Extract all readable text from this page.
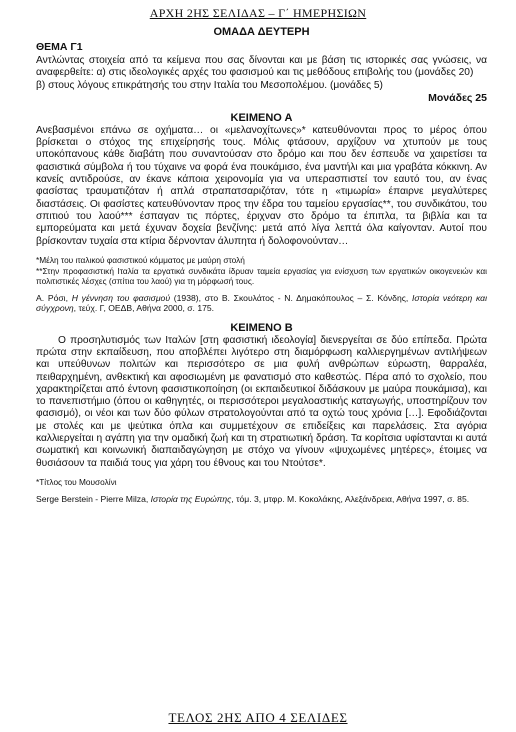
ΑΡΧΗ 2ΗΣ ΣΕΛΙΔΑΣ – Γ΄ ΗΜΕΡΗΣΙΩΝ

ΟΜΑΔΑ ΔΕΥΤΕΡΗ

ΘΕΜΑ Γ1

Αντλώντας στοιχεία από τα κείμενα που σας δίνονται και με βάση τις ιστορικές σας γνώσεις, να αναφερθείτε: α) στις ιδεολογικές αρχές του φασισμού και τις μεθόδους επιβολής του (μονάδες 20)

β) στους λόγους επικράτησής του στην Ιταλία του Μεσοπολέμου. (μονάδες 5)

Μονάδες 25

ΚΕΙΜΕΝΟ Α

Ανεβασμένοι επάνω σε οχήματα… οι «μελανοχίτωνες»* κατευθύνονται προς το μέρος όπου βρίσκεται ο στόχος της επιχείρησής τους. Μόλις φτάσουν, αρχίζουν να χτυπούν με τους υποκόπανους κάθε διαβάτη που συναντούσαν στο δρόμο και που δεν έσπευδε να χαιρετίσει τα φασιστικά σύμβολα ή του τύχαινε να φορά ένα πουκάμισο, ένα μαντήλι και μια γραβάτα κόκκινη. Αν κανείς αντιδρούσε, αν έκανε κάποια χειρονομία για να υπερασπιστεί τον εαυτό του, αν ένας φασίστας τραυματιζόταν ή απλά στραπατσαριζόταν, τότε η «τιμωρία» έπαιρνε μεγαλύτερες διαστάσεις. Οι φασίστες κατευθύνονταν προς την έδρα του ταμείου εργασίας**, του συνδικάτου, του σπιτιού του λαού*** έσπαγαν τις πόρτες, έριχναν στο δρόμο τα έπιπλα, τα βιβλία και τα εμπορεύματα και μετά έχυναν δοχεία βενζίνης: μετά από λίγα λεπτά όλα καίγονταν. Αυτοί που βρίσκονταν τυχαία στα κτίρια δέρνονταν άλυπητα ή δολοφονούνταν…

*Μέλη του ιταλικού φασιστικού κόμματος με μαύρη στολή

**Στην προφασιστική Ιταλία τα εργατικά συνδικάτα ίδρυαν ταμεία εργασίας για ενίσχυση των εργατικών οικογενειών και πολιτιστικές λέσχες (σπίτια του λαού) για τη μόρφωσή τους.

Α. Ρόσι, Η γέννηση του φασισμού (1938), στο Β. Σκουλάτος - Ν. Δημακόπουλος – Σ. Κόνδης, Ιστορία νεότερη και σύγχρονη, τεύχ. Γ, ΟΕΔΒ, Αθήνα 2000, σ. 175.

ΚΕΙΜΕΝΟ Β

Ο προσηλυτισμός των Ιταλών [στη φασιστική ιδεολογία] διενεργείται σε δύο επίπεδα. Πρώτα πρώτα στην εκπαίδευση, που αποβλέπει λιγότερο στη διαμόρφωση καλλιεργημένων αντιλήψεων και υπεύθυνων πολιτών και περισσότερο σε μια φυλή ανθρώπων εύρωστη, θαρραλέα, πειθαρχημένη, ανθεκτική και αφοσιωμένη με φανατισμό στο καθεστώς. Πέρα από το σχολείο, που χαρακτηρίζεται από έντονη φασιστικοποίηση (οι εκπαιδευτικοί διδάσκουν με μαύρα πουκάμισα), και το πανεπιστήμιο (όπου οι καθηγητές, οι περισσότεροι μεγαλοαστικής καταγωγής, υποστηρίζουν τον φασισμό), οι νέοι και των δύο φύλων στρατολογούνται από τα οχτώ τους χρόνια […]. Εφοδιάζονται με στολές και με ψεύτικα όπλα και συμμετέχουν σε επιδείξεις και παρελάσεις. Στα αγόρια καλλιεργείται η αγάπη για την ομαδική ζωή και τη στρατιωτική δράση. Τα κορίτσια υφίστανται κι αυτά σωματική και κοινωνική διαπαιδαγώγηση με στόχο να γίνουν «ψυχωμένες μητέρες», έτοιμες να θυσιάσουν τα παιδιά τους για χάρη του έθνους και του Ντούτσε*.

*Τίτλος του Μουσολίνι

Serge Berstein - Pierre Milza, Ιστορία της Ευρώπης, τόμ. 3, μτφρ. Μ. Κοκολάκης, Αλεξάνδρεια, Αθήνα 1997, σ. 85.

ΤΕΛΟΣ 2ΗΣ ΑΠΟ 4 ΣΕΛΙΔΕΣ
